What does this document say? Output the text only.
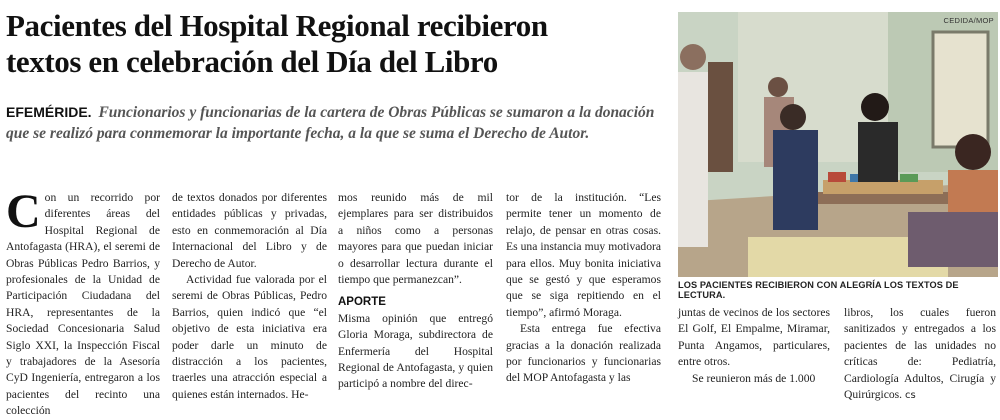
Pacientes del Hospital Regional recibieron
textos en celebración del Día del Libro

EFEMÉRIDE. Funcionarios y funcionarias de la cartera de Obras Públicas se sumaron a la donación que se realizó para conmemorar la importante fecha, a la que se suma el Derecho de Autor.

Con un recorrido por diferentes áreas del Hospital Regional de Antofagasta (HRA), el seremi de Obras Públicas Pedro Barrios, y profesionales de la Unidad de Participación Ciudadana del HRA, representantes de la Sociedad Concesionaria Salud Siglo XXI, la Inspección Fiscal y trabajadores de la Asesoría CyD Ingeniería, entregaron a los pacientes del recinto una colección

de textos donados por diferentes entidades públicas y privadas, esto en conmemoración al Día Internacional del Libro y de Derecho de Autor.

Actividad fue valorada por el seremi de Obras Públicas, Pedro Barrios, quien indicó que “el objetivo de esta iniciativa era poder darle un minuto de distracción a los pacientes, traerles una atracción especial a quienes están internados. He-

mos reunido más de mil ejemplares para ser distribuidos a niños como a personas mayores para que puedan iniciar o desarrollar lectura durante el tiempo que permanezcan”.

APORTE

Misma opinión que entregó Gloria Moraga, subdirectora de Enfermería del Hospital Regional de Antofagasta, y quien participó a nombre del direc-

tor de la institución. “Les permite tener un momento de relajo, de pensar en otras cosas. Es una instancia muy motivadora para ellos. Muy bonita iniciativa que se gestó y que esperamos que se siga repitiendo en el tiempo”, afirmó Moraga.

Esta entrega fue efectiva gracias a la donación realizada por funcionarios y funcionarias del MOP Antofagasta y las

CEDIDA/MOP
LOS PACIENTES RECIBIERON CON ALEGRÍA LOS TEXTOS DE LECTURA.

juntas de vecinos de los sectores El Golf, El Empalme, Miramar, Punta Angamos, particulares, entre otros.

Se reunieron más de 1.000

libros, los cuales fueron sanitizados y entregados a los pacientes de las unidades no críticas de: Pediatría, Cardiología Adultos, Cirugía y Quirúrgicos. cs
